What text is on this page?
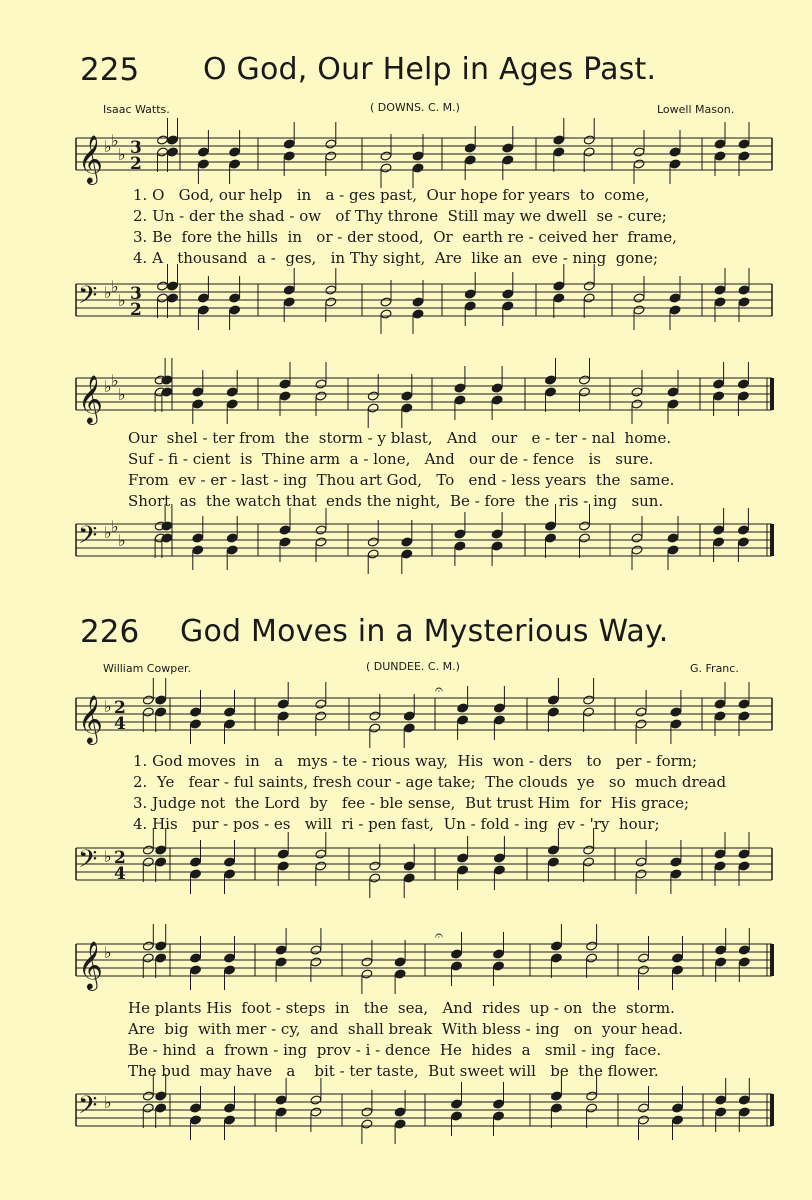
225 O God, Our Help in Ages Past.
Isaac Watts.	( DOWNS. C. M.)	Lowell Mason.
𝄞 ♭ ♭
♭ 3
2
1. O   God, our help   in   a - ges past,  Our hope for years  to  come,
2. Un - der the shad - ow   of Thy throne  Still may we dwell  se - cure;
3. Be  fore the hills  in   or - der stood,  Or  earth re - ceived her  frame,
4. A   thousand  a -  ges,   in Thy sight,  Are  like an  eve - ning  gone;
𝄢 ♭ ♭
♭ 3
2
𝄞 ♭ ♭
♭
Our  shel - ter from  the  storm - y blast,   And   our   e - ter - nal  home.
Suf - fi - cient  is  Thine arm  a - lone,   And   our de - fence   is   sure.
From  ev - er - last - ing  Thou art God,   To   end - less years  the  same.
Short  as  the watch that  ends the night,  Be - fore  the  ris - ing   sun.
𝄢 ♭ ♭
♭
226 God Moves in a Mysterious Way.
William Cowper.	( DUNDEE. C. M.)	G. Franc.
𝄞 ♭ 2
4
𝄐
1. God moves  in   a   mys - te - rious way,  His  won - ders   to   per - form;
2.  Ye   fear - ful saints, fresh cour - age take;  The clouds  ye   so  much dread
3. Judge not  the Lord  by   fee - ble sense,  But trust Him  for  His grace;
4. His   pur - pos - es   will  ri - pen fast,  Un - fold - ing  ev - 'ry  hour;
𝄢 ♭ 2
4
𝄞 ♭
𝄐
He plants His  foot - steps  in   the  sea,   And  rides  up - on  the  storm.
Are  big  with mer - cy,  and  shall break  With bless - ing   on  your head.
Be - hind  a  frown - ing  prov - i - dence  He  hides  a   smil - ing  face.
The bud  may have   a    bit - ter taste,  But sweet will   be  the flower.
𝄢 ♭
